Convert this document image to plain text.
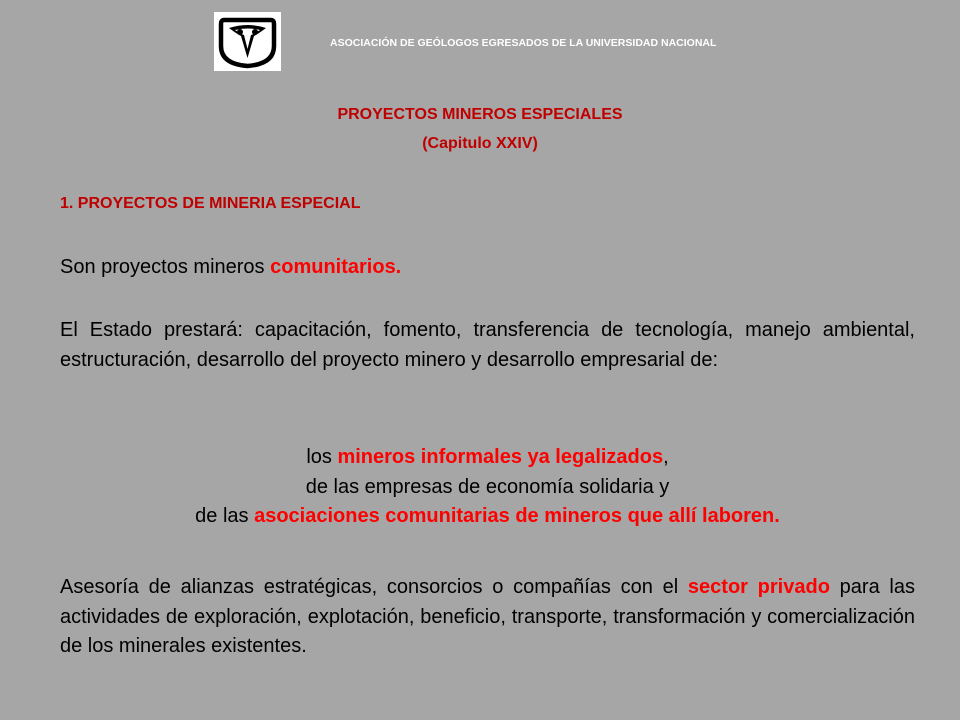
ASOCIACIÓN DE GEÓLOGOS EGRESADOS DE LA UNIVERSIDAD NACIONAL
PROYECTOS MINEROS ESPECIALES
(Capitulo XXIV)
1. PROYECTOS DE MINERIA ESPECIAL
Son proyectos mineros comunitarios.
El Estado prestará: capacitación, fomento, transferencia de tecnología, manejo ambiental, estructuración, desarrollo del proyecto minero y desarrollo empresarial de:
los mineros informales ya legalizados,
de las empresas de economía solidaria y
de las asociaciones comunitarias de mineros que allí laboren.
Asesoría de alianzas estratégicas, consorcios o compañías con el sector privado para las actividades de exploración, explotación, beneficio, transporte, transformación y comercialización de los minerales existentes.
